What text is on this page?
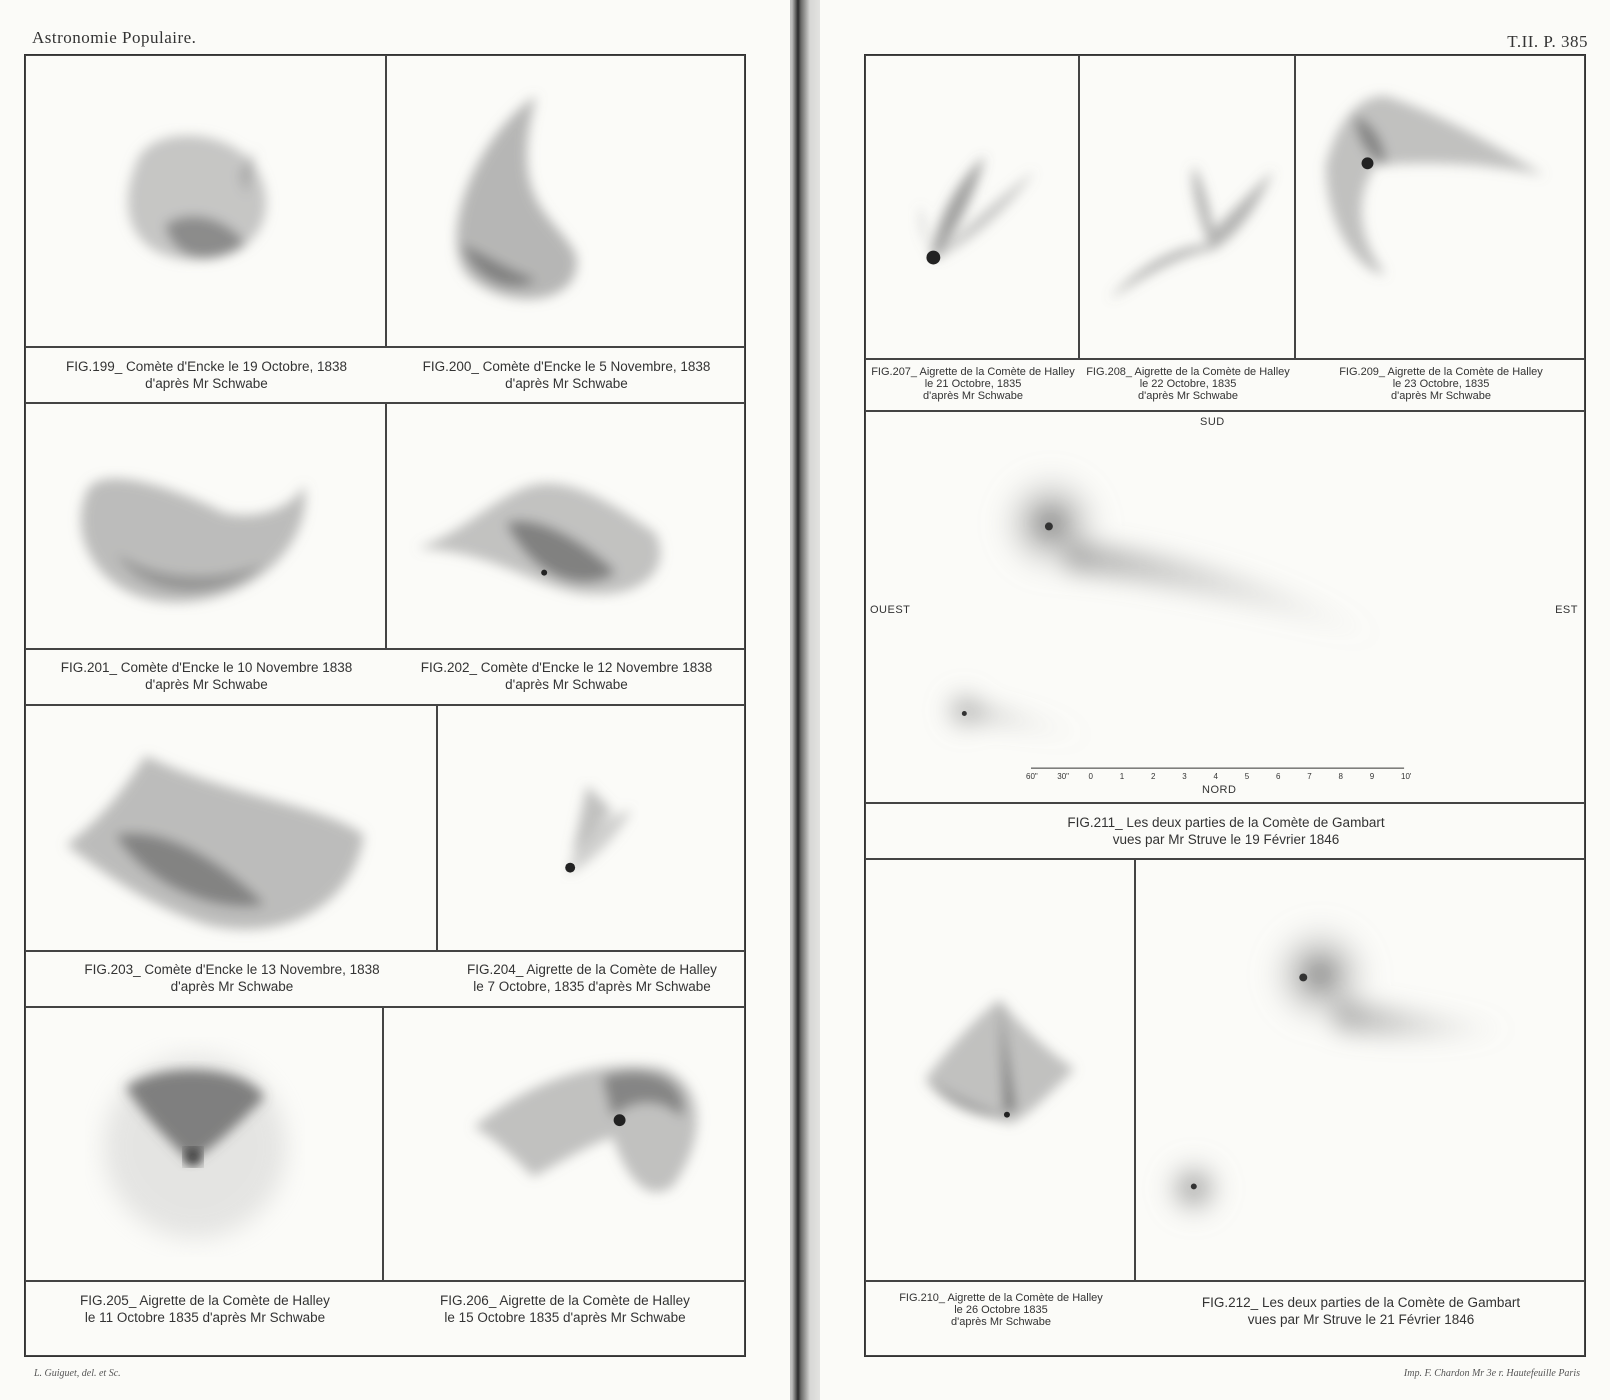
Astronomie Populaire.
FIG.199_ Comète d'Encke le 19 Octobre, 1838
d'après Mr Schwabe
FIG.200_ Comète d'Encke le 5 Novembre, 1838
d'après Mr Schwabe
FIG.201_ Comète d'Encke le 10 Novembre 1838
d'après Mr Schwabe
FIG.202_ Comète d'Encke le 12 Novembre 1838
d'après Mr Schwabe
FIG.203_ Comète d'Encke le 13 Novembre, 1838
d'après Mr Schwabe
FIG.204_ Aigrette de la Comète de Halley
le 7 Octobre, 1835 d'après Mr Schwabe
FIG.205_ Aigrette de la Comète de Halley
le 11 Octobre 1835 d'après Mr Schwabe
FIG.206_ Aigrette de la Comète de Halley
le 15 Octobre 1835 d'après Mr Schwabe
L. Guiguet, del. et Sc.
T.II. P. 385
FIG.207_ Aigrette de la Comète de Halley
le 21 Octobre, 1835
d'après Mr Schwabe
FIG.208_ Aigrette de la Comète de Halley
le 22 Octobre, 1835
d'après Mr Schwabe
FIG.209_ Aigrette de la Comète de Halley
le 23 Octobre, 1835
d'après Mr Schwabe
SUD
OUEST	EST
NORD
60" 30" 0	1	2	3	4	5	6	7	8	9	10'
FIG.211_ Les deux parties de la Comète de Gambart
vues par Mr Struve le 19 Février 1846
FIG.210_ Aigrette de la Comète de Halley
le 26 Octobre 1835
d'après Mr Schwabe
FIG.212_ Les deux parties de la Comète de Gambart
vues par Mr Struve le 21 Février 1846
Imp. F. Chardon Mr 3e r. Hautefeuille Paris
